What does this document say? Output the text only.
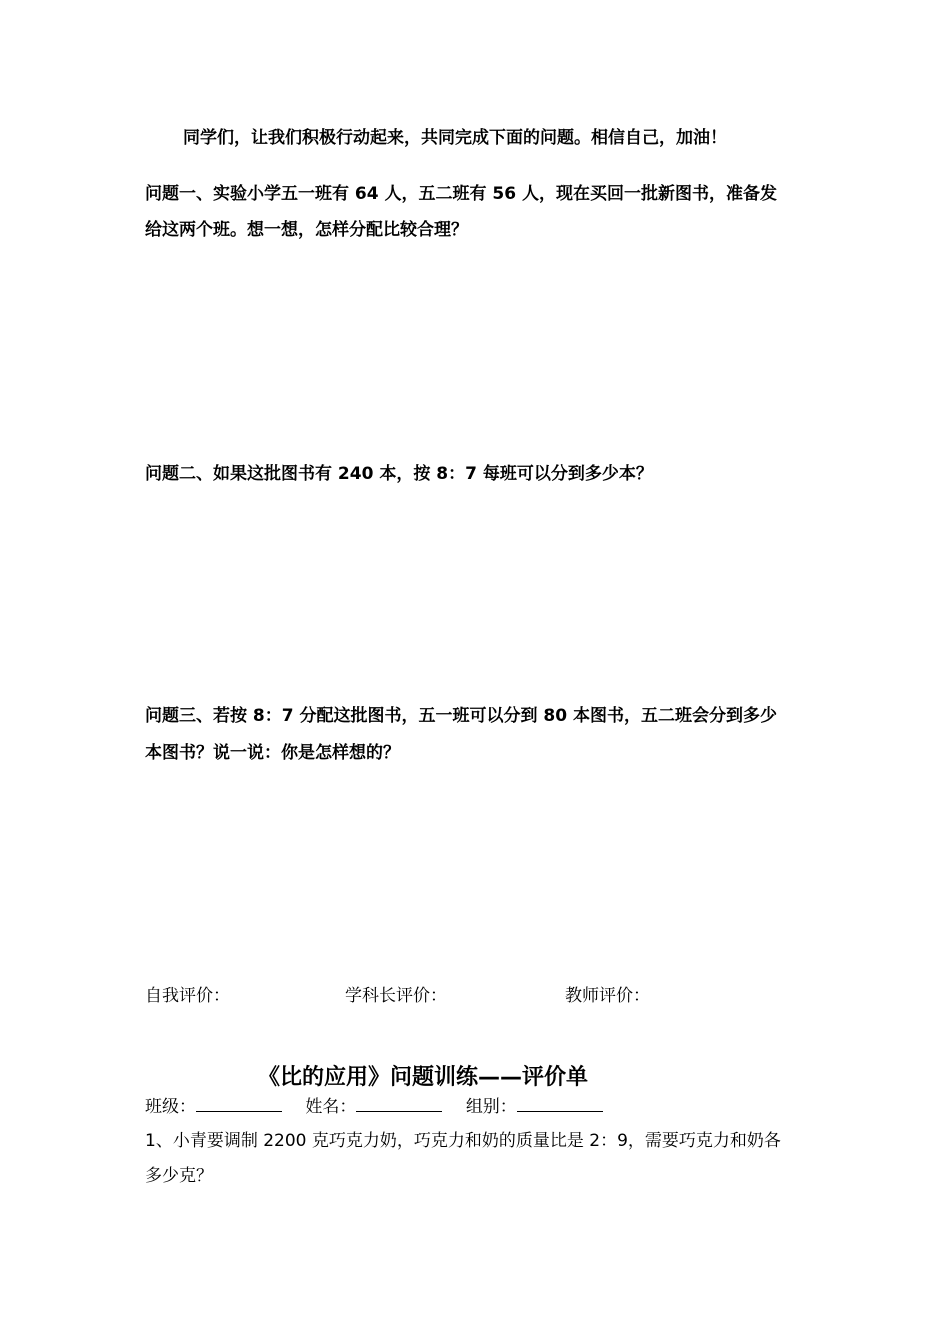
同学们，让我们积极行动起来，共同完成下面的问题。相信自己，加油！
问题一、实验小学五一班有 64 人，五二班有 56 人，现在买回一批新图书，准备发
给这两个班。想一想，怎样分配比较合理？
问题二、如果这批图书有 240 本，按 8：7 每班可以分到多少本？
问题三、若按 8：7 分配这批图书，五一班可以分到 80 本图书，五二班会分到多少
本图书？说一说：你是怎样想的？
自我评价：	学科长评价：	教师评价：
《比的应用》问题训练——评价单
班级：	姓名：	组别：
1、小青要调制 2200 克巧克力奶，巧克力和奶的质量比是 2：9，需要巧克力和奶各
多少克？
